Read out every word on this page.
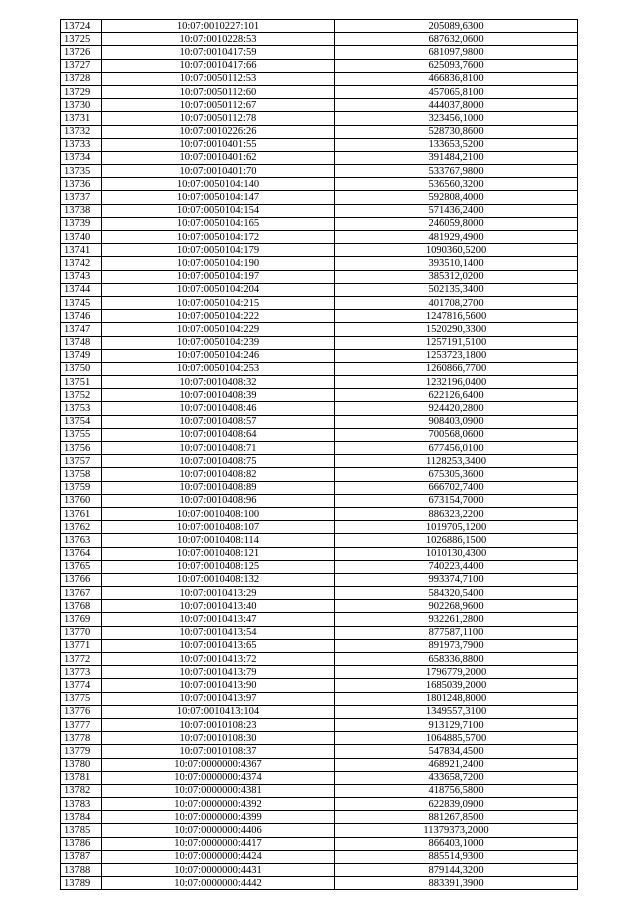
13724	10:07:0010227:101	205089,6300
13725	10:07:0010228:53	687632,0600
13726	10:07:0010417:59	681097,9800
13727	10:07:0010417:66	625093,7600
13728	10:07:0050112:53	466836,8100
13729	10:07:0050112:60	457065,8100
13730	10:07:0050112:67	444037,8000
13731	10:07:0050112:78	323456,1000
13732	10:07:0010226:26	528730,8600
13733	10:07:0010401:55	133653,5200
13734	10:07:0010401:62	391484,2100
13735	10:07:0010401:70	533767,9800
13736	10:07:0050104:140	536560,3200
13737	10:07:0050104:147	592808,4000
13738	10:07:0050104:154	571436,2400
13739	10:07:0050104:165	246059,8000
13740	10:07:0050104:172	481929,4900
13741	10:07:0050104:179	1090360,5200
13742	10:07:0050104:190	393510,1400
13743	10:07:0050104:197	385312,0200
13744	10:07:0050104:204	502135,3400
13745	10:07:0050104:215	401708,2700
13746	10:07:0050104:222	1247816,5600
13747	10:07:0050104:229	1520290,3300
13748	10:07:0050104:239	1257191,5100
13749	10:07:0050104:246	1253723,1800
13750	10:07:0050104:253	1260866,7700
13751	10:07:0010408:32	1232196,0400
13752	10:07:0010408:39	622126,6400
13753	10:07:0010408:46	924420,2800
13754	10:07:0010408:57	908403,0900
13755	10:07:0010408:64	700568,0600
13756	10:07:0010408:71	677456,0100
13757	10:07:0010408:75	1128253,3400
13758	10:07:0010408:82	675305,3600
13759	10:07:0010408:89	666702,7400
13760	10:07:0010408:96	673154,7000
13761	10:07:0010408:100	886323,2200
13762	10:07:0010408:107	1019705,1200
13763	10:07:0010408:114	1026886,1500
13764	10:07:0010408:121	1010130,4300
13765	10:07:0010408:125	740223,4400
13766	10:07:0010408:132	993374,7100
13767	10:07:0010413:29	584320,5400
13768	10:07:0010413:40	902268,9600
13769	10:07:0010413:47	932261,2800
13770	10:07:0010413:54	877587,1100
13771	10:07:0010413:65	891973,7900
13772	10:07:0010413:72	658336,8800
13773	10:07:0010413:79	1796779,2000
13774	10:07:0010413:90	1685039,2000
13775	10:07:0010413:97	1801248,8000
13776	10:07:0010413:104	1349557,3100
13777	10:07:0010108:23	913129,7100
13778	10:07:0010108:30	1064885,5700
13779	10:07:0010108:37	547834,4500
13780	10:07:0000000:4367	468921,2400
13781	10:07:0000000:4374	433658,7200
13782	10:07:0000000:4381	418756,5800
13783	10:07:0000000:4392	622839,0900
13784	10:07:0000000:4399	881267,8500
13785	10:07:0000000:4406	11379373,2000
13786	10:07:0000000:4417	866403,1000
13787	10:07:0000000:4424	885514,9300
13788	10:07:0000000:4431	879144,3200
13789	10:07:0000000:4442	883391,3900
